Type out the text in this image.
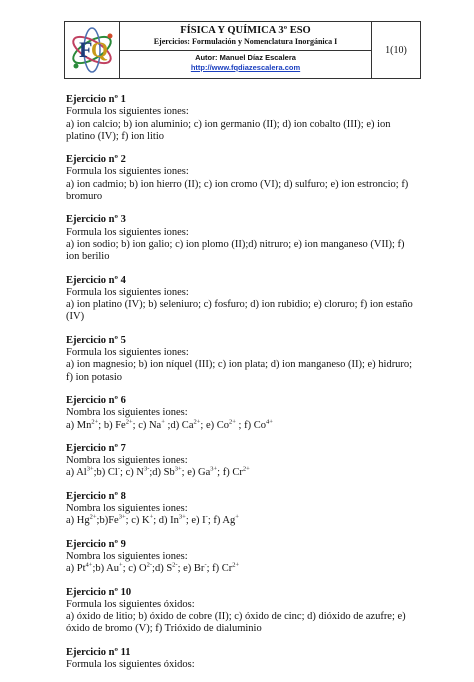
F
Q
FÍSICA Y QUÍMICA 3º ESO
Ejercicios: Formulación y Nomenclatura Inorgánica I
Autor: Manuel Díaz Escalera
http://www.fqdiazescalera.com
1(10)
Ejercicio nº 1
Formula los siguientes iones:
a) ion calcio; b) ion aluminio; c) ion germanio (II); d) ion cobalto (III); e) ion platino (IV); f) ion litio
Ejercicio nº 2
Formula los siguientes iones:
a) ion cadmio; b) ion hierro (II); c) ion cromo (VI); d) sulfuro; e) ion estroncio; f) bromuro
Ejercicio nº 3
Formula los siguientes iones:
a) ion sodio; b) ion galio; c) ion plomo (II);d) nitruro; e) ion manganeso (VII); f) ion berilio
Ejercicio nº 4
Formula los siguientes iones:
a) ion platino (IV); b) seleniuro; c) fosfuro; d) ion rubidio; e) cloruro; f) ion estaño (IV)
Ejercicio nº 5
Formula los siguientes iones:
a) ion magnesio; b) ion níquel (III); c) ion plata; d) ion manganeso (II); e) hidruro; f) ion potasio
Ejercicio nº 6
Nombra los siguientes iones:
a) $Mn^{2+}$; b) $Fe^{2+}$; c) Na+ ;d) $Ca^{2+}$; e) $Co^{2+}$ ; f) $Co^{4+}$
Ejercicio nº 7
Nombra los siguientes iones:
a) $Al^{3+};b$) Cl-; c) $N^{3-};d$) $Sb^{3+}$; e) $Ga^{3+}$; f) $Cr^{2+}$
Ejercicio nº 8
Nombra los siguientes iones:
a) $Hg^{2+};b)Fe^{3+}$; c) K+; d) $In^{3+}$; e) I-; f) Ag+
Ejercicio nº 9
Nombra los siguientes iones:
a) $Pt^{4+};b$) Au+; c) $O^{2-};d$) $S^{2-}$; e) Br-; f) $Cr^{2+}$
Ejercicio nº 10
Formula los siguientes óxidos:
a) óxido de litio; b) óxido de cobre (II); c) óxido de cinc; d) dióxido de azufre; e) óxido de bromo (V); f) Trióxido de dialuminio
Ejercicio nº 11
Formula los siguientes óxidos:
